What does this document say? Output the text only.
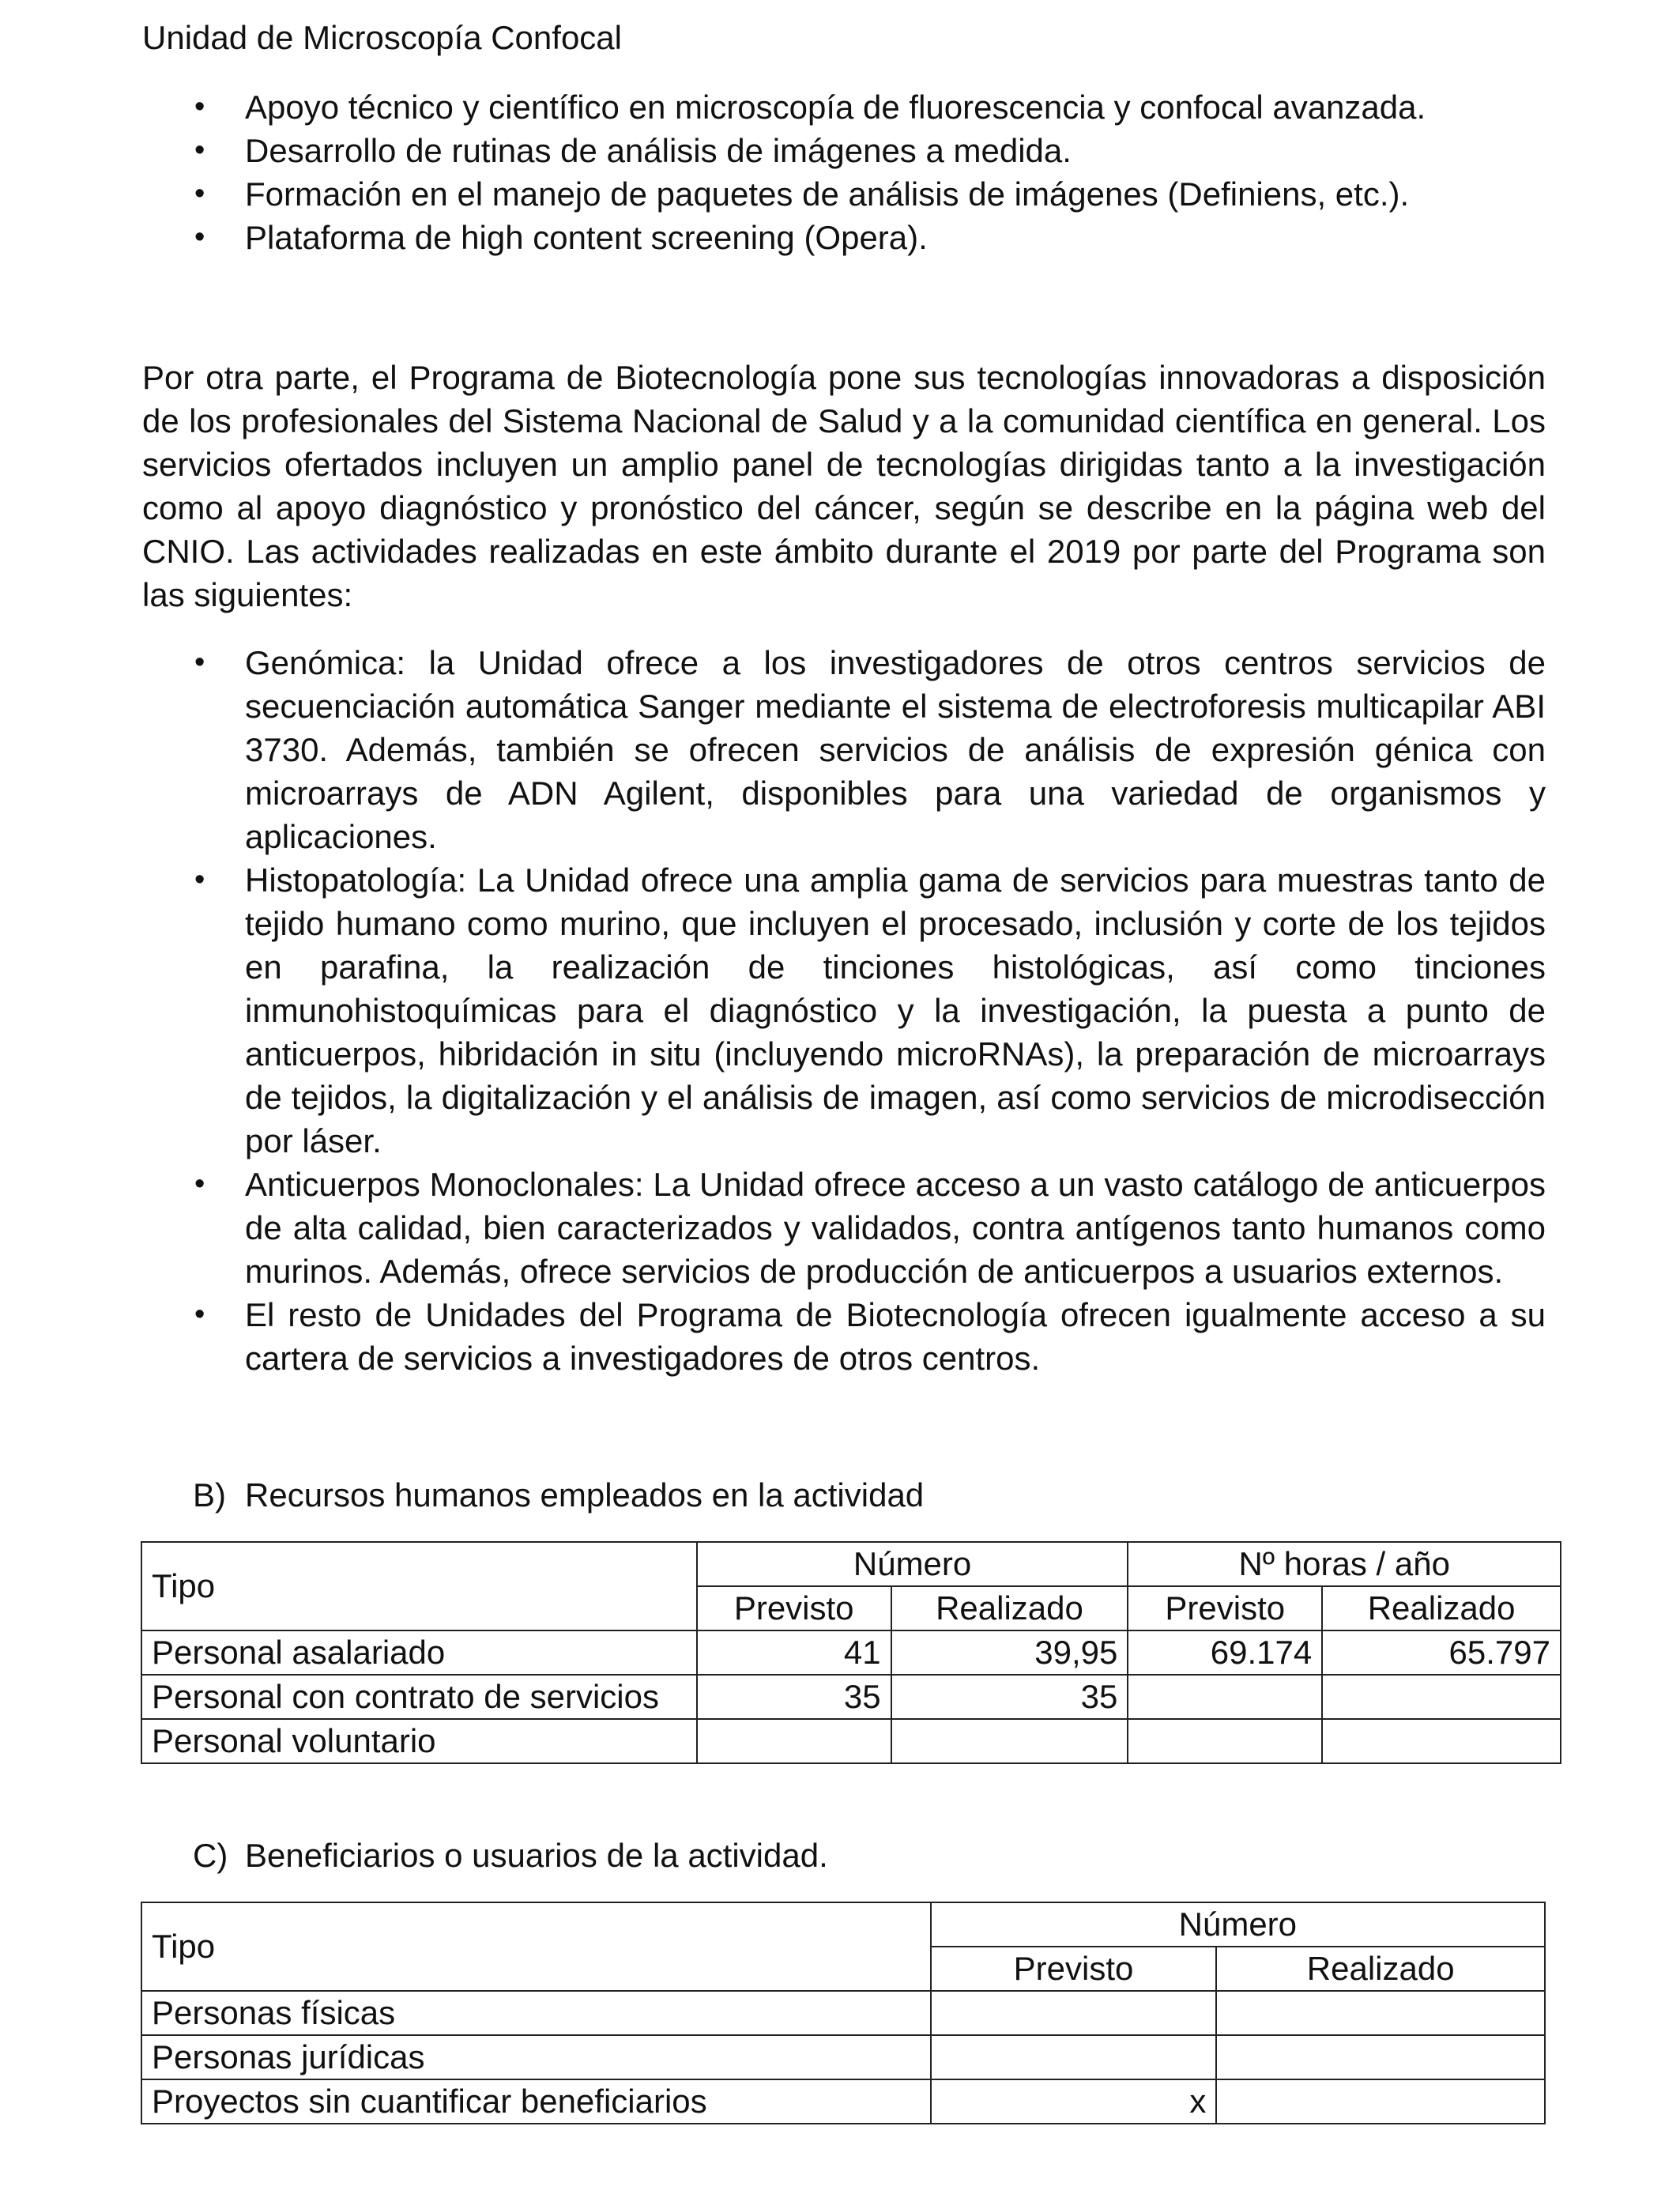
Unidad de Microscopía Confocal
• Apoyo técnico y científico en microscopía de fluorescencia y confocal avanzada.
• Desarrollo de rutinas de análisis de imágenes a medida.
• Formación en el manejo de paquetes de análisis de imágenes (Definiens, etc.).
• Plataforma de high content screening (Opera).

Por otra parte, el Programa de Biotecnología pone sus tecnologías innovadoras a disposición de los profesionales del Sistema Nacional de Salud y a la comunidad científica en general. Los servicios ofertados incluyen un amplio panel de tecnologías dirigidas tanto a la investigación como al apoyo diagnóstico y pronóstico del cáncer, según se describe en la página web del CNIO. Las actividades realizadas en este ámbito durante el 2019 por parte del Programa son las siguientes:

• Genómica: la Unidad ofrece a los investigadores de otros centros servicios de secuenciación automática Sanger mediante el sistema de electroforesis multicapilar ABI 3730. Además, también se ofrecen servicios de análisis de expresión génica con microarrays de ADN Agilent, disponibles para una variedad de organismos y aplicaciones.
• Histopatología: La Unidad ofrece una amplia gama de servicios para muestras tanto de tejido humano como murino, que incluyen el procesado, inclusión y corte de los tejidos en parafina, la realización de tinciones histológicas, así como tinciones inmunohistoquímicas para el diagnóstico y la investigación, la puesta a punto de anticuerpos, hibridación in situ (incluyendo microRNAs), la preparación de microarrays de tejidos, la digitalización y el análisis de imagen, así como servicios de microdisección por láser.
• Anticuerpos Monoclonales: La Unidad ofrece acceso a un vasto catálogo de anticuerpos de alta calidad, bien caracterizados y validados, contra antígenos tanto humanos como murinos. Además, ofrece servicios de producción de anticuerpos a usuarios externos.
• El resto de Unidades del Programa de Biotecnología ofrecen igualmente acceso a su cartera de servicios a investigadores de otros centros.
B) Recursos humanos empleados en la actividad
Tipo	Número		Nº horas / año	
	Previsto	Realizado	Previsto	Realizado
Personal asalariado	41	39,95	69.174	65.797
Personal con contrato de servicios	35	35		
Personal voluntario				
C) Beneficiarios o usuarios de la actividad.
Tipo	Número	
	Previsto	Realizado
Personas físicas		
Personas jurídicas		
Proyectos sin cuantificar beneficiarios	x	
